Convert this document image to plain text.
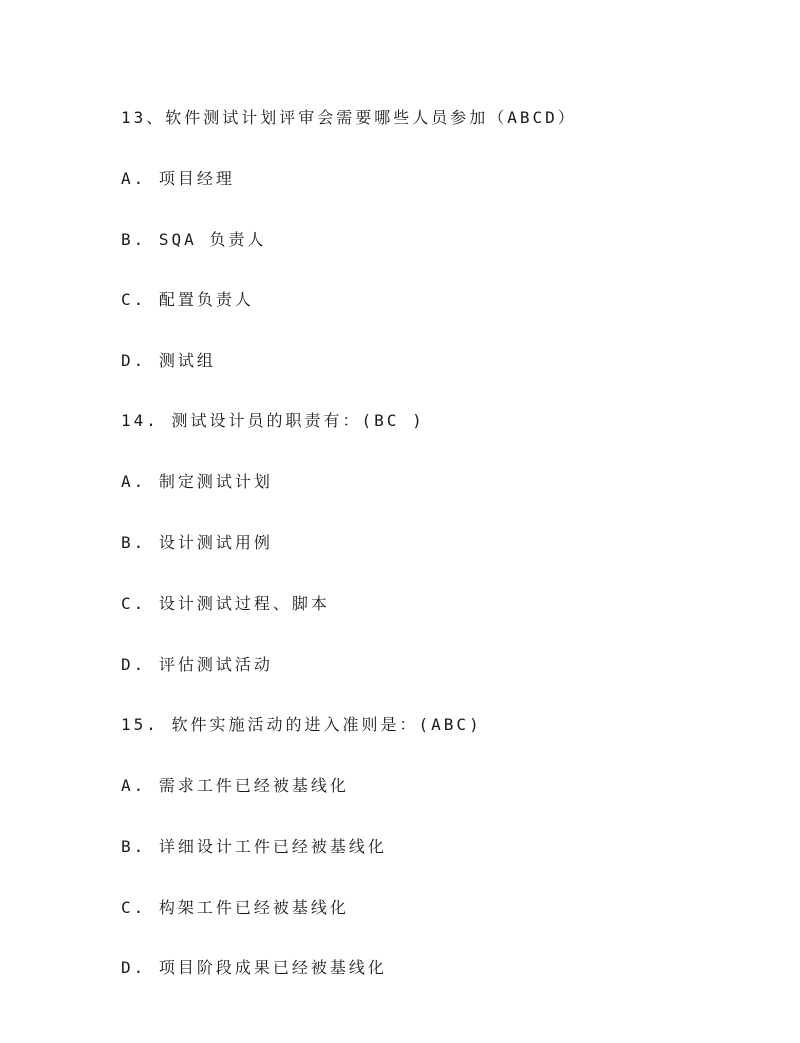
13、软件测试计划评审会需要哪些人员参加（ABCD）
A. 项目经理
B. SQA 负责人
C. 配置负责人
D. 测试组
14. 测试设计员的职责有：(BC )
A. 制定测试计划
B. 设计测试用例
C. 设计测试过程、脚本
D. 评估测试活动
15. 软件实施活动的进入准则是：(ABC)
A. 需求工件已经被基线化
B. 详细设计工件已经被基线化
C. 构架工件已经被基线化
D. 项目阶段成果已经被基线化
